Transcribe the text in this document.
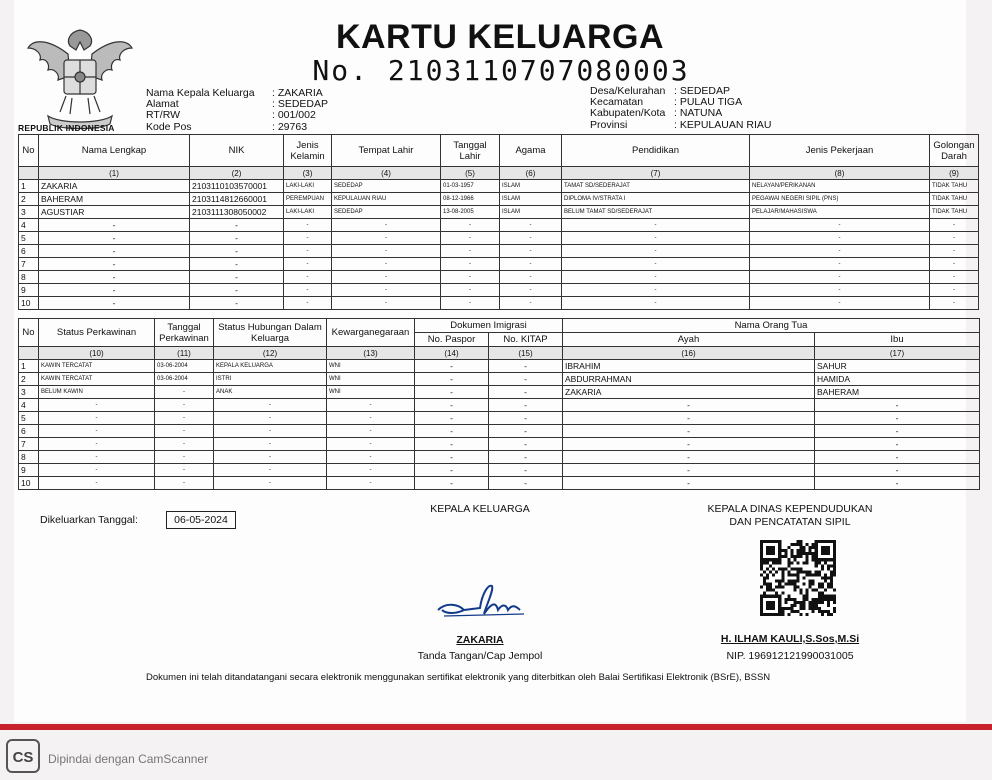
REPUBLIK INDONESIA
KARTU KELUARGA
No. 2103110707080003
Nama Kepala Keluarga	: ZAKARIA
Alamat	: SEDEDAP
RT/RW	: 001/002
Kode Pos	: 29763
Desa/Kelurahan : SEDEDAP
Kecamatan	: PULAU TIGA
Kabupaten/Kota : NATUNA
Provinsi	: KEPULAUAN RIAU
No	Nama Lengkap	NIK	Jenis Kelamin	Tempat Lahir	Tanggal Lahir	Agama	Pendidikan	Jenis Pekerjaan	Golongan Darah
	(1)	(2)	(3)	(4)	(5)	(6)	(7)	(8)	(9)
1	ZAKARIA	2103110103570001	LAKI-LAKI	SEDEDAP	01-03-1957	ISLAM	TAMAT SD/SEDERAJAT	NELAYAN/PERIKANAN	TIDAK TAHU
2	BAHERAM	2103114812660001	PEREMPUAN	KEPULAUAN RIAU	08-12-1966	ISLAM	DIPLOMA IV/STRATA I	PEGAWAI NEGERI SIPIL (PNS)	TIDAK TAHU
3	AGUSTIAR	2103111308050002	LAKI-LAKI	SEDEDAP	13-08-2005	ISLAM	BELUM TAMAT SD/SEDERAJAT	PELAJAR/MAHASISWA	TIDAK TAHU
4	-	-	-	-	-	-	-	-	-
5	-	-	-	-	-	-	-	-	-
6	-	-	-	-	-	-	-	-	-
7	-	-	-	-	-	-	-	-	-
8	-	-	-	-	-	-	-	-	-
9	-	-	-	-	-	-	-	-	-
10	-	-	-	-	-	-	-	-	-
No	Status Perkawinan	Tanggal Perkawinan	Status Hubungan Dalam Keluarga	Kewarganegaraan	Dokumen Imigrasi		Nama Orang Tua	
					No. Paspor	No. KITAP	Ayah	Ibu
	(10)	(11)	(12)	(13)	(14)	(15)	(16)	(17)
1	KAWIN TERCATAT	03-06-2004	KEPALA KELUARGA	WNI	-	-	IBRAHIM	SAHUR
2	KAWIN TERCATAT	03-06-2004	ISTRI	WNI	-	-	ABDURRAHMAN	HAMIDA
3	BELUM KAWIN	-	ANAK	WNI	-	-	ZAKARIA	BAHERAM
4	-	-	-	-	-	-	-	-
5	-	-	-	-	-	-	-	-
6	-	-	-	-	-	-	-	-
7	-	-	-	-	-	-	-	-
8	-	-	-	-	-	-	-	-
9	-	-	-	-	-	-	-	-
10	-	-	-	-	-	-	-	-
Dikeluarkan Tanggal:	06-05-2024
KEPALA KELUARGA
ZAKARIA
Tanda Tangan/Cap Jempol
KEPALA DINAS KEPENDUDUKAN
DAN PENCATATAN SIPIL
H. ILHAM KAULI,S.Sos,M.Si
NIP. 196912121990031005
Dokumen ini telah ditandatangani secara elektronik menggunakan sertifikat elektronik yang diterbitkan oleh Balai Sertifikasi Elektronik (BSrE), BSSN
CS	Dipindai dengan CamScanner
